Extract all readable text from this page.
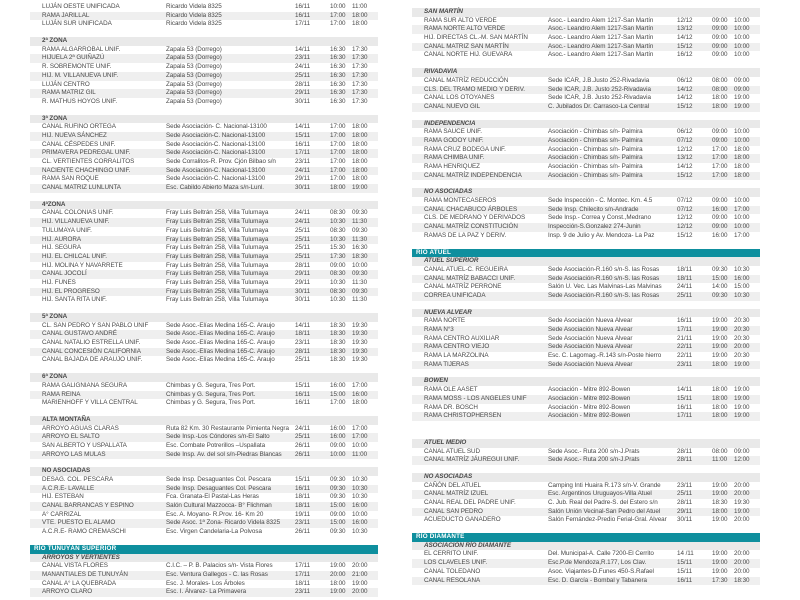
LUJÁN OESTE UNIFICADA	Ricardo Videla 8325	16/11	10:00	11:00
RAMA JARILLAL	Ricardo Videla 8325	16/11	17:00	18:00
LUJÁN SUR UNIFICADA	Ricardo Videla 8325	17/11	17:00	18:00
2ª ZONA
RAMA ALGARROBAL UNIF.	Zapala 53 (Dorrego)	14/11	16:30	17:30
HIJUELA 2ª GUIÑAZÚ	Zapala 53 (Dorrego)	23/11	16:30	17:30
R. SOBREMONTE UNIF.	Zapala 53 (Dorrego)	24/11	16:30	17:30
HIJ. M. VILLANUEVA UNIF.	Zapala 53 (Dorrego)	25/11	16:30	17:30
LUJÁN CENTRO	Zapala 53 (Dorrego)	28/11	16:30	17:30
RAMA MATRIZ GIL	Zapala 53 (Dorrego)	29/11	16:30	17:30
R. MATHUS HOYOS UNIF.	Zapala 53 (Dorrego)	30/11	16:30	17:30
3ª ZONA
CANAL RUFINO ORTEGA	Sede Asociación- C. Nacional-13100	14/11	17:00	18:00
HIJ. NUEVA SÁNCHEZ	Sede Asociación-C. Nacional-13100	15/11	17:00	18:00
CANAL CÉSPEDES UNIF.	Sede Asociación-C. Nacional-13100	16/11	17:00	18:00
PRIMAVERA PEDREGAL UNIF.	Sede Asociación-C. Nacional-13100	17/11	17:00	18:00
CL. VERTIENTES CORRALITOS	Sede Corralitos-R. Prov. Cjón Bilbao s/n	23/11	17:00	18:00
NACIENTE CHACHINGO UNIF.	Sede Asociación-C. Nacional-13100	24/11	17:00	18:00
RAMA SAN ROQUE	Sede Asociación-C. Nacional-13100	29/11	17:00	18:00
CANAL MATRIZ LUNLUNTA	Esc. Cabildo Abierto Maza s/n-Lunl.	30/11	18:00	19:00
4ªZONA
CANAL COLONIAS UNIF.	Fray Luis Beltrán 258, Villa Tulumaya	24/11	08:30	09:30
HIJ. VILLANUEVA UNIF.	Fray Luis Beltrán 258, Villa Tulumaya	24/11	10:30	11:30
TULUMAYA UNIF.	Fray Luis Beltrán 258, Villa Tulumaya	25/11	08:30	09:30
HIJ. AURORA	Fray Luis Beltrán 258, Villa Tulumaya	25/11	10:30	11:30
HIJ. SEGURA	Fray Luis Beltrán 258, Villa Tulumaya	25/11	15:30	16:30
HIJ. EL CHILCAL UNIF.	Fray Luis Beltrán 258, Villa Tulumaya	25/11	17:30	18:30
HIJ. MOLINA Y NAVARRETE	Fray Luis Beltrán 258, Villa Tulumaya	28/11	09:00	10:00
CANAL JOCOLÍ	Fray Luis Beltrán 258, Villa Tulumaya	29/11	08:30	09:30
HIJ. FUNES	Fray Luis Beltrán 258, Villa Tulumaya	29/11	10:30	11:30
HIJ. EL PROGRESO	Fray Luis Beltrán 258, Villa Tulumaya	30/11	08:30	09:30
HIJ. SANTA RITA UNIF.	Fray Luis Beltrán 258, Villa Tulumaya	30/11	10:30	11:30
5ª ZONA
CL. SAN PEDRO Y SAN PABLO UNIF	Sede Asoc.-Elías Medina 165-C. Araujo	14/11	18:30	19:30
CANAL GUSTAVO ANDRÉ	Sede Asoc.-Elías Medina 165-C. Araujo	18/11	18:30	19:30
CANAL NATALIO ESTRELLA UNIF.	Sede Asoc.-Elías Medina 165-C. Araujo	23/11	18:30	19:30
CANAL CONCESIÓN CALIFORNIA	Sede Asoc.-Elías Medina 165-C. Araujo	28/11	18:30	19:30
CANAL BAJADA DE ARAUJO UNIF.	Sede Asoc.-Elías Medina 165-C. Araujo	25/11	18:30	19:30
6ª ZONA
RAMA GALIGNIANA SEGURA	Chimbas y G. Segura, Tres Port.	15/11	16:00	17:00
RAMA REINA	Chimbas y G. Segura, Tres Port.	16/11	15:00	16:00
MARIENHOFF Y VILLA CENTRAL	Chimbas y G. Segura, Tres Port.	16/11	17:00	18:00
ALTA MONTAÑA
ARROYO AGUAS CLARAS	Ruta 82 Km. 30 Restaurante Pimienta Negra 24/11	16:00	17:00
ARROYO EL SALTO	Sede Insp.-Los Cóndores s/n-El Salto	25/11	16:00	17:00
SAN ALBERTO Y USPALLATA	Esc. Combate Potrerillos –Uspallata	26/11	09:00	10:00
ARROYO LAS MULAS	Sede Insp. Av. del sol s/n-Piedras Blancas	26/11	10:00	11:00
NO ASOCIADAS
DESAG. COL. PESCARA	Sede Insp. Desaguantes Col. Pescara	15/11	09:30	10:30
A.C.R.E- LAVALLE	Sede Insp. Desaguantes Col. Pescara	16/11	09:30	10:30
HIJ. ESTEBAN	Fca. Granata-El Pastal-Las Heras	18/11	09:30	10:30
CANAL BARRANCAS Y ESPINO	Salón Cultural Mazzocca- B° Flichman	18/11	15:00	16:00
A° CARRIZAL	Esc. A. Moyano- R.Prov. 16- Km 20	19/11	09:00	10:00
VTE. PUESTO EL ALAMO	Sede Asoc. 1ª Zona- Ricardo Videla 8325	23/11	15:00	16:00
A.C.R.E- RAMO CREMASCHI	Esc. Virgen Candelaria-La Polvosa	26/11	09:30	10:30
RÍO TUNUYÁN SUPERIOR
ARROYOS Y VERTIENTES
CANAL VISTA FLORES	C.I.C. – P. B. Palacios s/n- Vista Flores	17/11	19:00	20:00
MANANTIALES DE TUNUYÁN	Esc. Ventura Gallegos - C. las Rosas	17/11	20:00	21:00
CANAL A° LA QUEBRADA	Esc. J. Morales- Los Árboles	18/11	18:00	19:00
ARROYO CLARO	Esc. I. Álvarez- La Primavera	23/11	19:00	20:00
SAN MARTÍN
RAMA SUR ALTO VERDE	Asoc.- Leandro Alem 1217-San Martín	12/12	09:00	10:00
RAMA NORTE ALTO VERDE	Asoc.- Leandro Alem 1217-San Martín	13/12	09:00	10:00
HIJ. DIRECTAS CL.-M. SAN MARTÍN	Asoc.- Leandro Alem 1217-San Martín	14/12	09:00	10:00
CANAL MATRIZ SAN MARTÍN	Asoc.- Leandro Alem 1217-San Martín	15/12	09:00	10:00
CANAL NORTE HIJ. GUEVARA	Asoc.- Leandro Alem 1217-San Martín	16/12	09:00	10:00
RIVADAVIA
CANAL MATRÍZ REDUCCIÓN	Sede ICAR, J.B.Justo 252-Rivadavia	06/12	08:00	09:00
CLS. DEL TRAMO MEDIO Y DERIV.	Sede ICAR, J.B. Justo 252-Rivadavia	14/12	08:00	09:00
CANAL LOS OTOYANES	Sede ICAR, J.B. Justo 252-Rivadavia	14/12	18:00	19:00
CANAL NUEVO GIL	C. Jubilados Dr. Carrasco-La Central	15/12	18:00	19:00
INDEPENDENCIA
RAMA SAUCE UNIF.	Asociación - Chimbas s/n- Palmira	06/12	09:00	10:00
RAMA GODOY UNIF.	Asociación - Chimbas s/n- Palmira	07/12	09:00	10:00
RAMA CRUZ BODEGA UNIF.	Asociación - Chimbas s/n- Palmira	12/12	17:00	18:00
RAMA CHIMBA UNIF.	Asociación - Chimbas s/n- Palmira	13/12	17:00	18:00
RAMA HENRIQUEZ	Asociación - Chimbas s/n- Palmira	14/12	17:00	18:00
CANAL MATRÍZ INDEPENDENCIA	Asociación - Chimbas s/n- Palmira	15/12	17:00	18:00
NO ASOCIADAS
RAMA MONTECASEROS	Sede Inspección - C. Montec. Km. 4.5	07/12	09:00	10:00
CANAL CHACABUCO ÁRBOLES	Sede Insp. Chilecito s/n-Andrade	07/12	16:00	17:00
CLS. DE MEDRANO Y DERIVADOS	Sede Insp.- Correa y Const.,Medrano	12/12	09:00	10:00
CANAL MATRÍZ CONSTITUCIÓN	Inspección-S.Gonzalez 274-Junin	12/12	09:00	10:00
RAMAS DE LA PAZ Y DERIV.	Insp. 9 de Julio y Av. Mendoza- La Paz	15/12	16:00	17:00
RÍO ATUEL
ATUEL SUPERIOR
CANAL ATUEL-C. REGUEIRA	Sede Asociación-R.160 s/n-S. las Rosas	18/11	09:30	10:30
CANAL MATRÍZ BABACCI UNIF.	Sede Asociación-R.160 s/n-S. las Rosas	18/11	15:00	16:00
CANAL MATRÍZ PERRONE	Salón U. Vec. Las Malvinas-Las Malvinas	24/11	14:00	15:00
CORREA UNIFICADA	Sede Asociación-R.160 s/n-S. las Rosas	25/11	09:30	10:30
NUEVA ALVEAR
RAMA NORTE	Sede Asociación Nueva Alvear	16/11	19:00	20:30
RAMA N°3	Sede Asociación Nueva Alvear	17/11	19:00	20:30
RAMA CENTRO AUXILIAR	Sede Asociación Nueva Alvear	21/11	19:00	20:30
RAMA CENTRO VIEJO	Sede Asociación Nueva Alvear	22/11	19:00	20:00
RAMA LA MARZOLINA	Esc. C. Lagomag.-R.143 s/n-Poste hierro	22/11	19:00	20:30
RAMA TIJERAS	Sede Asociación Nueva Alvear	23/11	18:00	19:00
BOWEN
RAMA OLE AASET	Asociación - Mitre 892-Bowen	14/11	18:00	19:00
RAMA MOSS - LOS ANGELES UNIF	Asociación - Mitre 892-Bowen	15/11	18:00	19:00
RAMA DR. BOSCH	Asociación - Mitre 892-Bowen	16/11	18:00	19:00
RAMA CHRISTOPHERSEN	Asociación - Mitre 892-Bowen	17/11	18:00	19:00
ATUEL MEDIO
CANAL ATUEL SUD	Sede Asoc.- Ruta 200 s/n-J.Prats	28/11	08:00	09:00
CANAL MATRÍZ JÁUREGUI UNIF.	Sede Asoc.- Ruta 200 s/n-J.Prats	28/11	11:00	12:00
NO ASOCIADAS
CAÑÓN DEL ATUEL	Camping Inti Huaira R.173 s/n-V. Grande	23/11	19:00	20:00
CANAL MATRÍZ IZUEL	Esc. Argentinos Uruguayos-Villa Atuel	25/11	19:00	20:00
CANAL REAL DEL PADRE UNIF.	C. Jub. Real del Padre-S. del Estero s/n	28/11	18:30	19:30
CANAL SAN PEDRO	Salón Unión Vecinal-San Pedro del Atuel	29/11	18:00	19:00
ACUEDUCTO GANADERO	Salón Fernández-Predio Ferial-Gral. Alvear	30/11	19:00	20:00
RÍO DIAMANTE
ASOCIACIÓN RÍO DIAMANTE
EL CERRITO UNIF.	Del. Municipal-A. Calle 7200-El Cerrito	14 /11	19:00	20:00
LOS CLAVELES UNIF.	Esc.P.de Mendoza,R.177, Los Clav.	15/11	19:00	20:00
CANAL TOLEDANO	Asoc. Viajantes-D.Funes 450-S.Rafael	15/11	19:00	20:00
CANAL RESOLANA	Esc. D. García - Bombal y Tabanera	16/11	17:30	18:30
